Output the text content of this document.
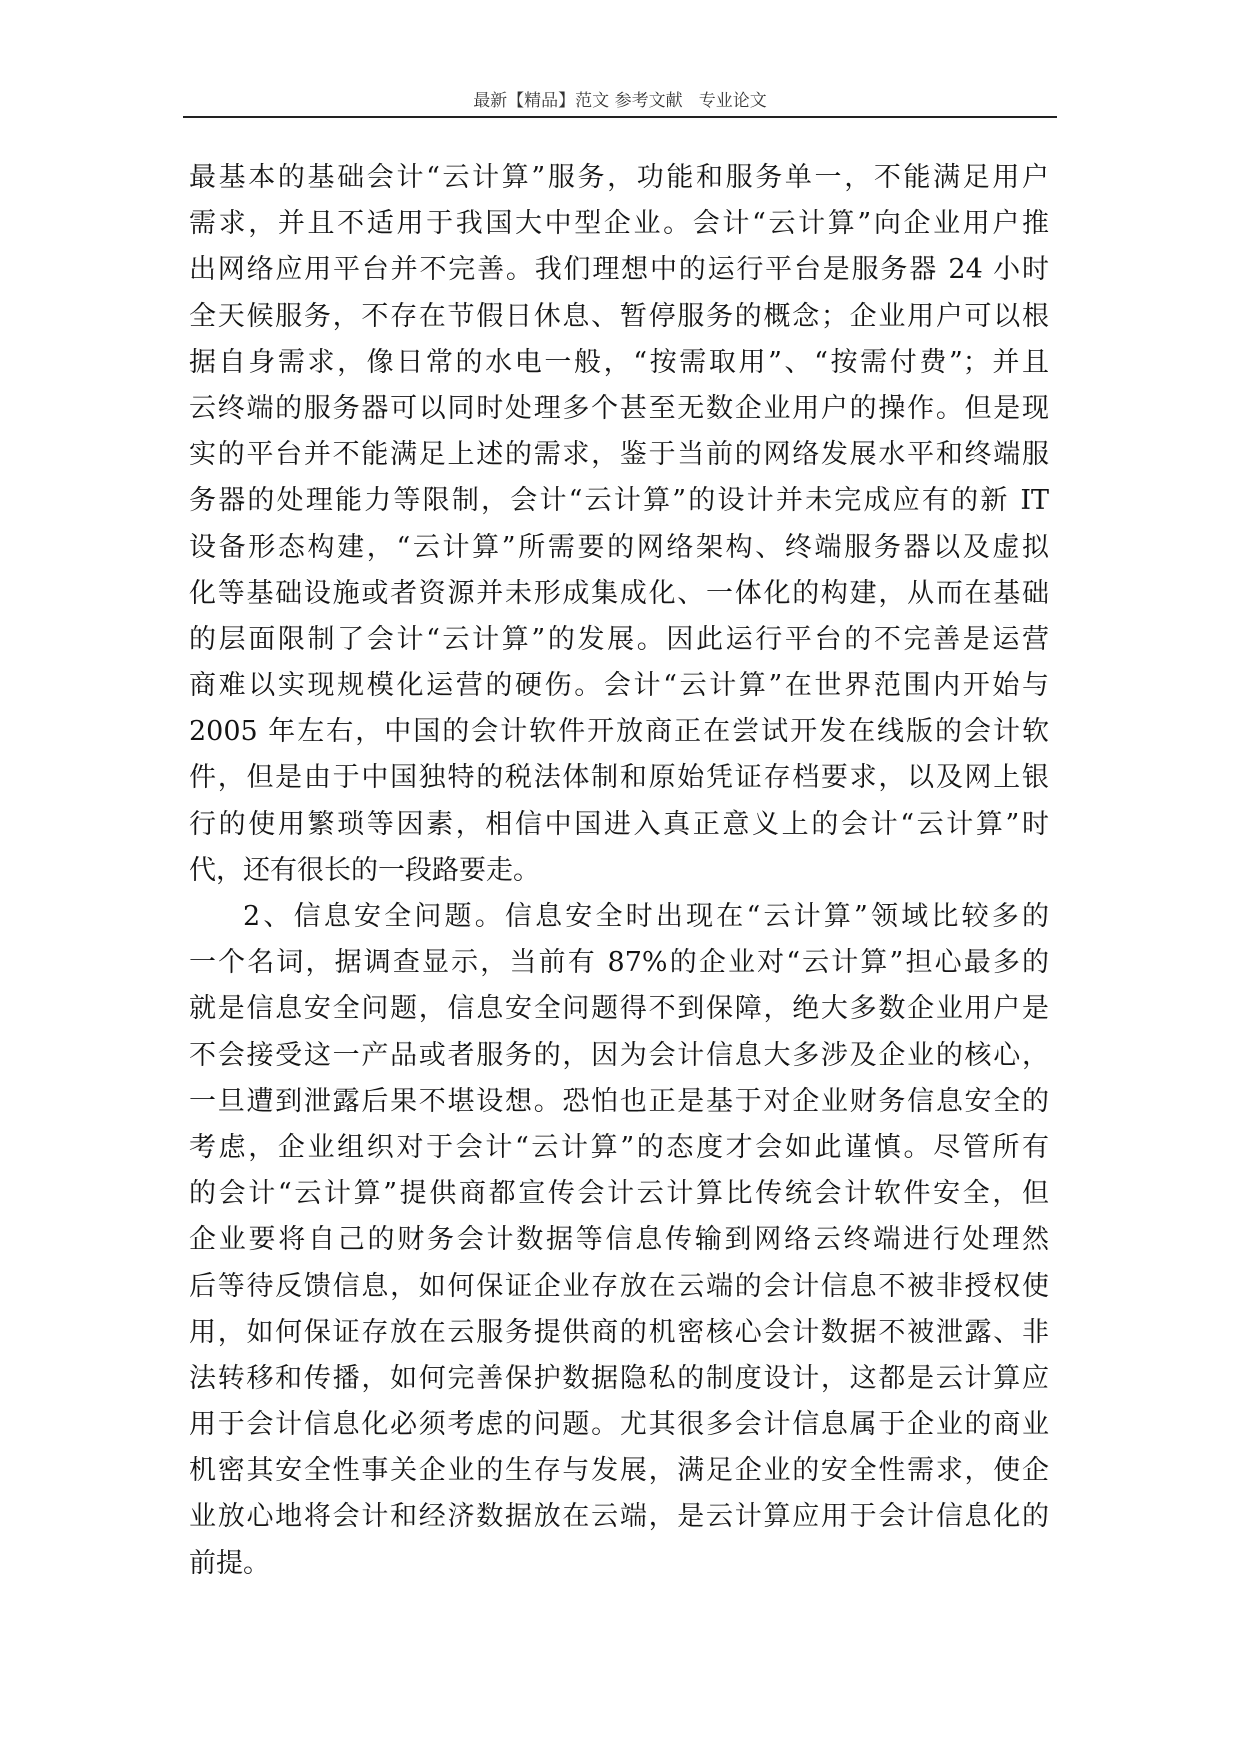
最新【精品】范文 参考文献   专业论文
最基本的基础会计“云计算”服务，功能和服务单一，不能满足用户
需求，并且不适用于我国大中型企业。会计“云计算”向企业用户推
出网络应用平台并不完善。我们理想中的运行平台是服务器 24 小时
全天候服务，不存在节假日休息、暂停服务的概念；企业用户可以根
据自身需求，像日常的水电一般，“按需取用”、“按需付费”；并且
云终端的服务器可以同时处理多个甚至无数企业用户的操作。但是现
实的平台并不能满足上述的需求，鉴于当前的网络发展水平和终端服
务器的处理能力等限制，会计“云计算”的设计并未完成应有的新 IT
设备形态构建，“云计算”所需要的网络架构、终端服务器以及虚拟
化等基础设施或者资源并未形成集成化、一体化的构建，从而在基础
的层面限制了会计“云计算”的发展。因此运行平台的不完善是运营
商难以实现规模化运营的硬伤。会计“云计算”在世界范围内开始与
2005 年左右，中国的会计软件开放商正在尝试开发在线版的会计软
件，但是由于中国独特的税法体制和原始凭证存档要求，以及网上银
行的使用繁琐等因素，相信中国进入真正意义上的会计“云计算”时
代，还有很长的一段路要走。
2、信息安全问题。信息安全时出现在“云计算”领域比较多的
一个名词，据调查显示，当前有 87%的企业对“云计算”担心最多的
就是信息安全问题，信息安全问题得不到保障，绝大多数企业用户是
不会接受这一产品或者服务的，因为会计信息大多涉及企业的核心，
一旦遭到泄露后果不堪设想。恐怕也正是基于对企业财务信息安全的
考虑，企业组织对于会计“云计算”的态度才会如此谨慎。尽管所有
的会计“云计算”提供商都宣传会计云计算比传统会计软件安全，但
企业要将自己的财务会计数据等信息传输到网络云终端进行处理然
后等待反馈信息，如何保证企业存放在云端的会计信息不被非授权使
用，如何保证存放在云服务提供商的机密核心会计数据不被泄露、非
法转移和传播，如何完善保护数据隐私的制度设计，这都是云计算应
用于会计信息化必须考虑的问题。尤其很多会计信息属于企业的商业
机密其安全性事关企业的生存与发展，满足企业的安全性需求，使企
业放心地将会计和经济数据放在云端，是云计算应用于会计信息化的
前提。
